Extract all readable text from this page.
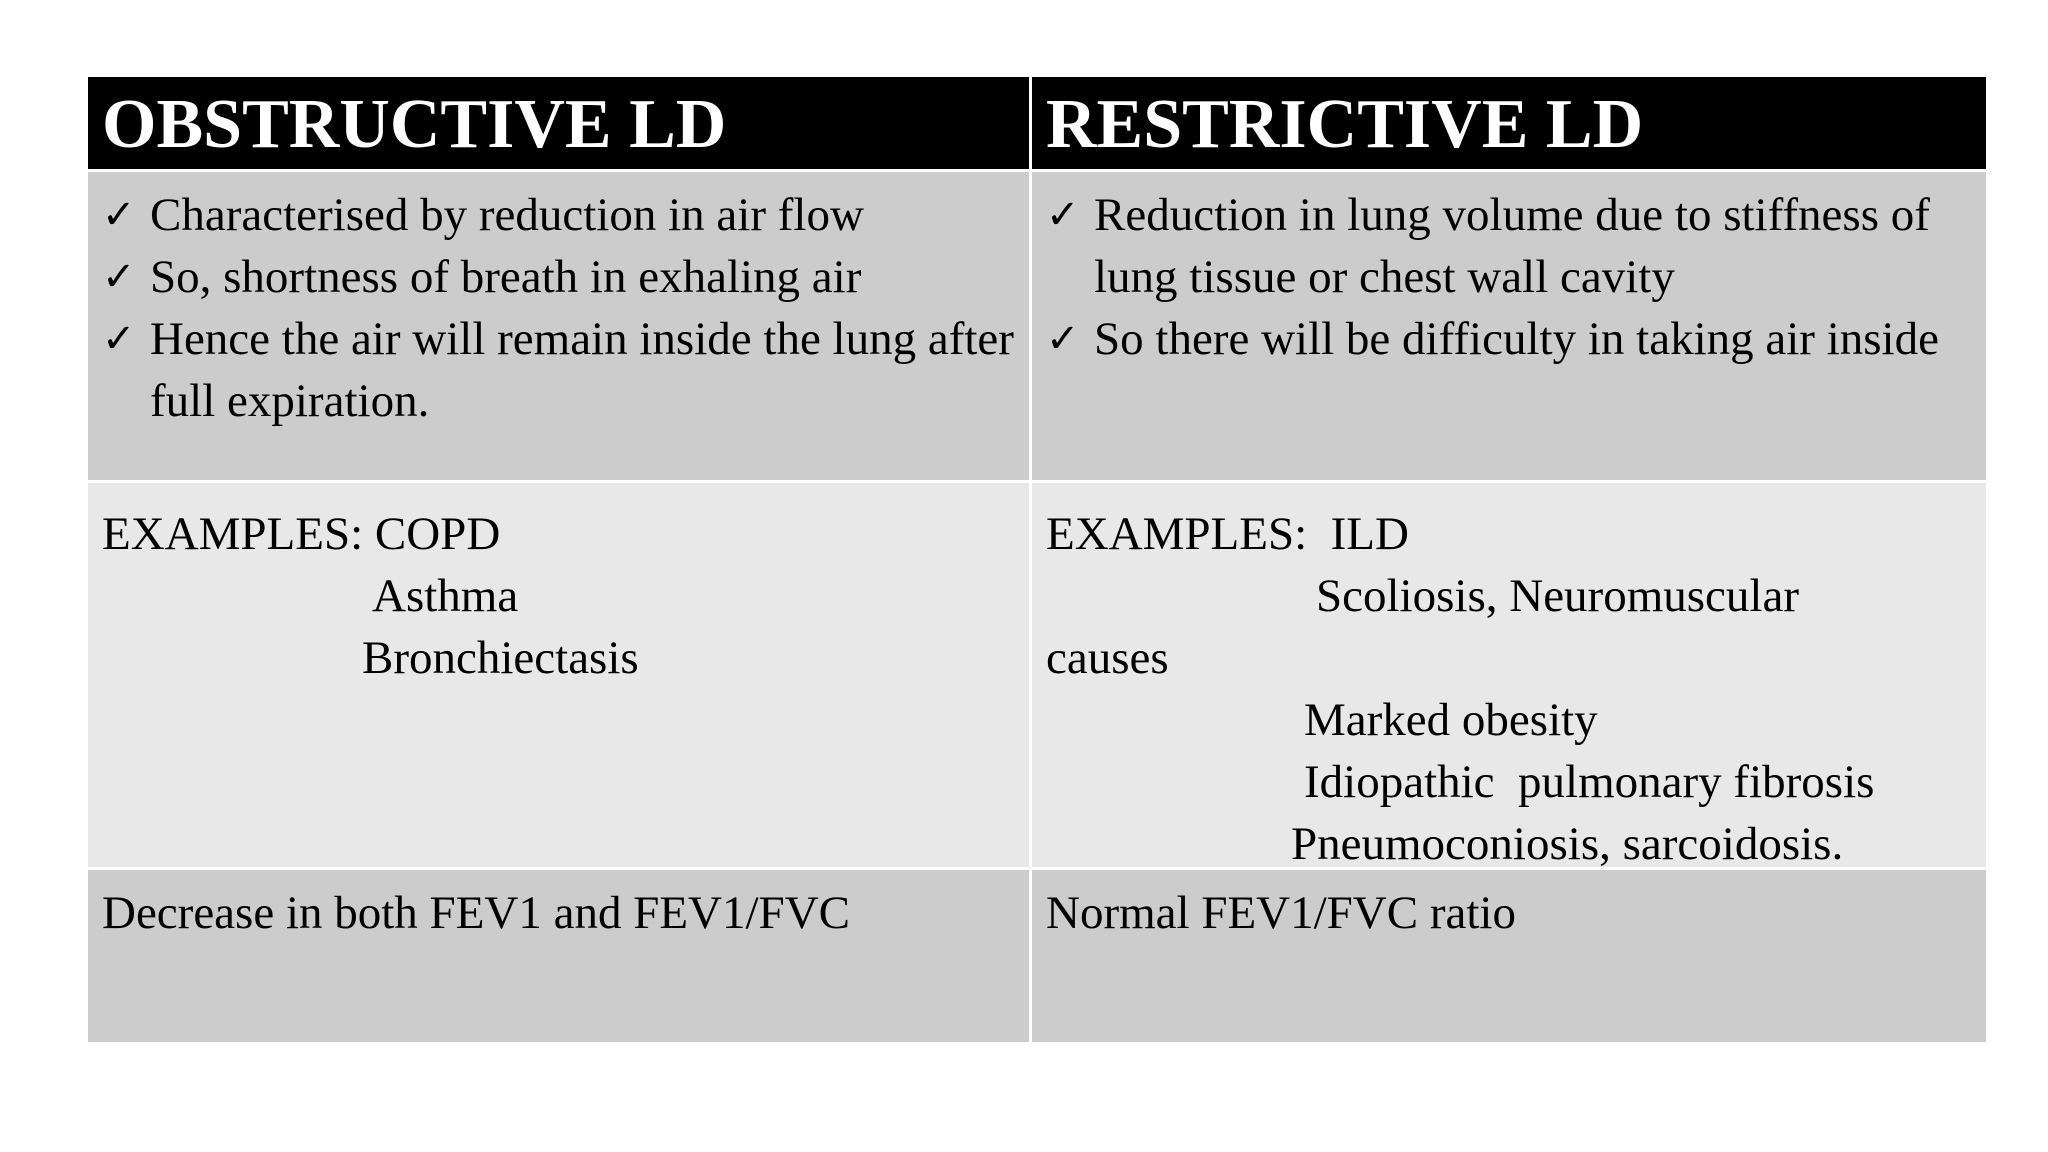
OBSTRUCTIVE LD	RESTRICTIVE LD
✓ Characterised by reduction in air flow
✓ So, shortness of breath in exhaling air
✓ Hence the air will remain inside the lung after full expiration.
✓ Reduction in lung volume due to stiffness of lung tissue or chest wall cavity
✓ So there will be difficulty in taking air inside
EXAMPLES: COPD
Asthma
Bronchiectasis
EXAMPLES:  ILD
Scoliosis, Neuromuscular
causes
Marked obesity
Idiopathic  pulmonary fibrosis
Pneumoconiosis, sarcoidosis.
Decrease in both FEV1 and FEV1/FVC	Normal FEV1/FVC ratio
